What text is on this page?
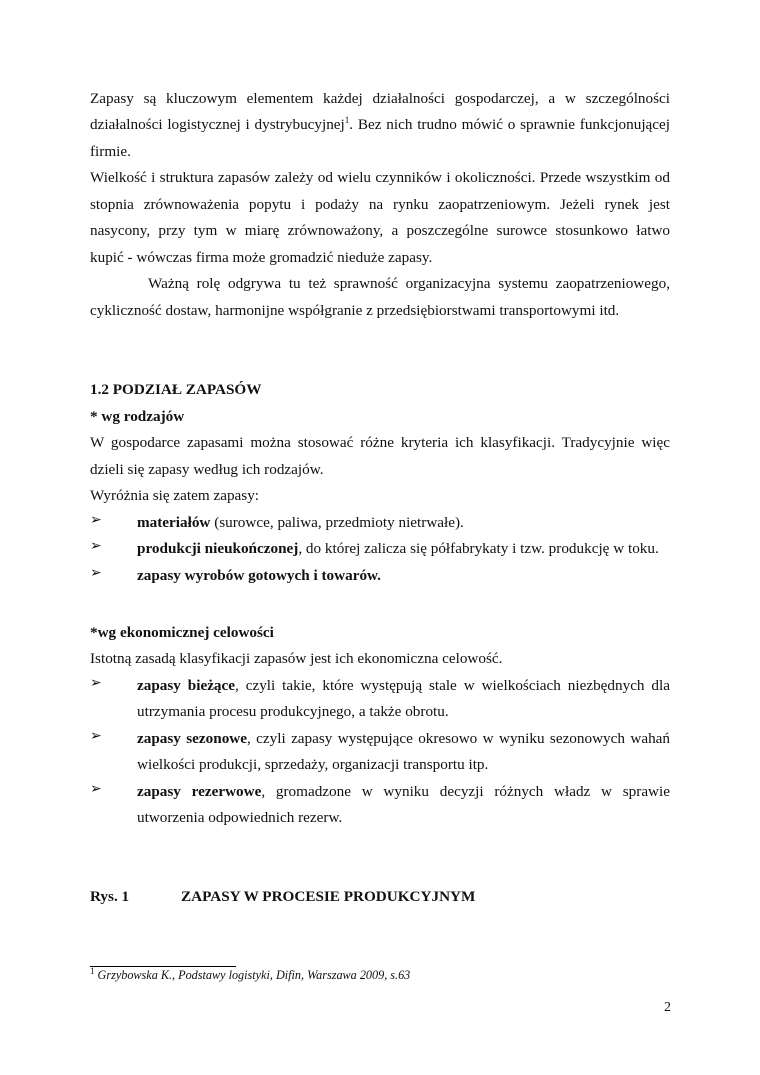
Zapasy są kluczowym elementem każdej działalności gospodarczej, a w szczególności
działalności logistycznej i dystrybucyjnej$^1$. Bez nich trudno mówić o sprawnie funkcjonującej
firmie.
Wielkość i struktura zapasów zależy od wielu czynników i okoliczności. Przede wszystkim od
stopnia zrównoważenia popytu i podaży na rynku zaopatrzeniowym. Jeżeli rynek jest
nasycony, przy tym w miarę zrównoważony, a poszczególne surowce stosunkowo łatwo
kupić - wówczas firma może gromadzić nieduże zapasy.
Ważną rolę odgrywa tu też sprawność organizacyjna systemu zaopatrzeniowego,
cykliczność dostaw, harmonijne współgranie z przedsiębiorstwami transportowymi itd.
1.2 PODZIAŁ ZAPASÓW
* wg rodzajów
W gospodarce zapasami można stosować różne kryteria ich klasyfikacji. Tradycyjnie więc
dzieli się zapasy według ich rodzajów.
Wyróżnia się zatem zapasy:
➢ materiałów (surowce, paliwa, przedmioty nietrwałe).
➢ produkcji nieukończonej, do której zalicza się półfabrykaty i tzw. produkcję w toku.
➢ zapasy wyrobów gotowych i towarów.
*wg ekonomicznej celowości
Istotną zasadą klasyfikacji zapasów jest ich ekonomiczna celowość.
➢ zapasy bieżące, czyli takie, które występują stale w wielkościach niezbędnych dla
utrzymania procesu produkcyjnego, a także obrotu.
➢ zapasy sezonowe, czyli zapasy występujące okresowo w wyniku sezonowych wahań
wielkości produkcji, sprzedaży, organizacji transportu itp.
➢ zapasy rezerwowe, gromadzone w wyniku decyzji różnych władz w sprawie
utworzenia odpowiednich rezerw.
Rys. 1	ZAPASY W PROCESIE PRODUKCYJNYM
$^1$ Grzybowska K., Podstawy logistyki, Difin, Warszawa 2009, s.63
2
